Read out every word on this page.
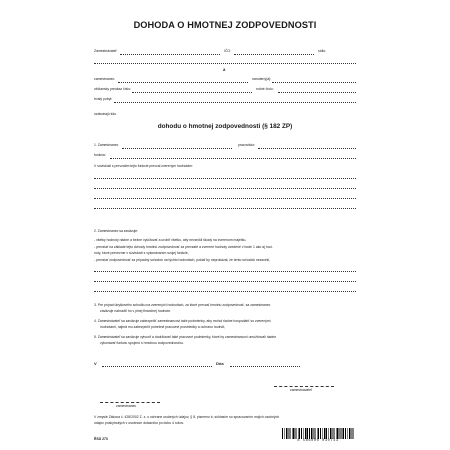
DOHODA O HMOTNEJ ZODPOVEDNOSTI
Zamestnávateľ:	IČO:	sídlo:
a
zamestnanec:	narodený(á):
občiansky preukaz číslo:	rodné číslo:
trvalý pobyt:
uzatvárajú túto
dohodu o hmotnej zodpovednosti (§ 182 ZP)
1. Zamestnanec	pracovisko:
funkcia:
V súvislosti s prevzatím tejto funkcie prevzal zvereným hodnotám:
2. Zamestnanec sa zaväzuje:
- všetky hodnoty riadne a bežne vyúčtovať a urobiť všetko, aby nevznikli škody na zverenom majetku,
- prevziať na základe tejto dohody hmotnú zodpovednosť za prevzaté a zverené hodnoty uvedené v bode 1 ako aj hod-
noty, ktoré prevezme v súvislosti s vykonávaním svojej funkcie,
- prevziať zodpovednosť za prípadný schodok na týchto hodnotách, pokiaľ by neprokázal, že tento schodok nezavinil,
3. Pre prípad úbytkového schodku na zverených hodnotách, za ktoré prevzal hmotnú zodpovednosť, sa zamestnanec
zaväzuje nahradiť ho v plnej finančnej hodnote.
4. Zamestnávateľ sa zaväzuje zabezpečiť zamestnancovi také podmienky, aby mohol riadne hospodáriť so zverenými
hodnotami, najmä mu zabezpečiť potrebné pracovné prostriedky a ochranu hodnôt,
5. Zamestnávateľ sa zaväzuje vytvoriť a dodržiavať také pracovné podmienky, ktoré by zamestnancovi umožňovali riadne
vykonávať funkciu spojenú s hmotnou zodpovednosťou.
V	Dňa
zamestnávateľ
zamestnanec
V zmysle Zákona č. 428/2002 Z. z. o ochrane osobných údajov, § 8, písmeno b, súhlasím so spracovaním mojich osobných
údajov poskytnutých v osobnom dotazníku po dobu 4 rokov.
ŘSÚ 273	8 586000 030743
